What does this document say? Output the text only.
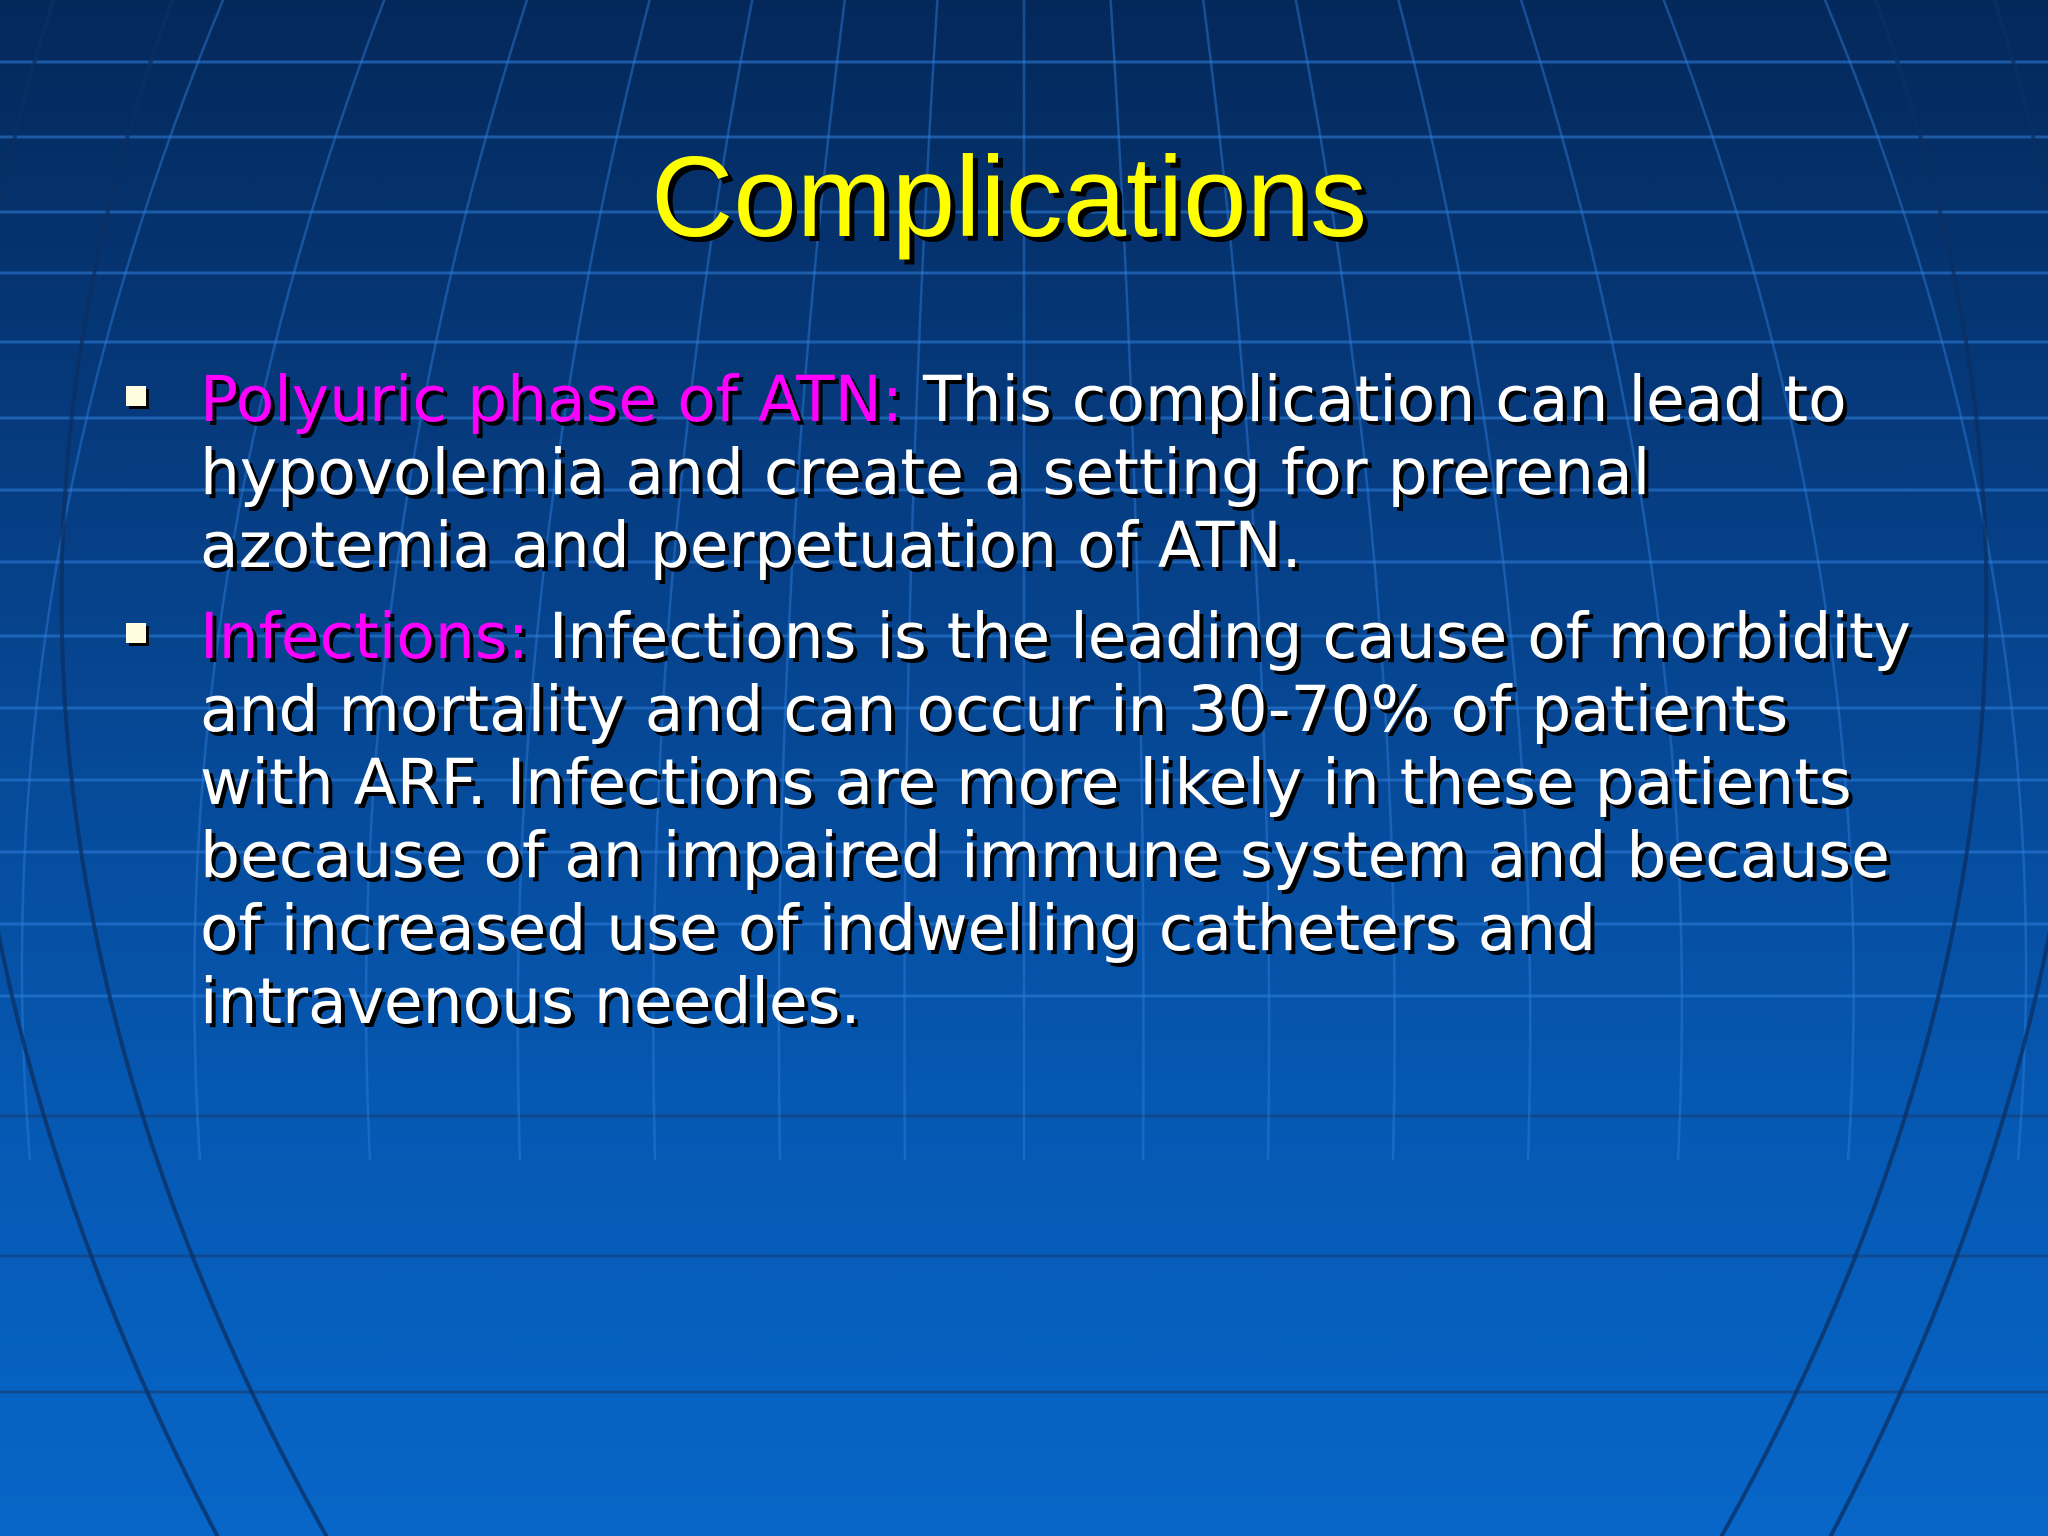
Complications
Polyuric phase of ATN: This complication can lead to hypovolemia and create a setting for prerenal azotemia and perpetuation of ATN.
Infections: Infections is the leading cause of morbidity and mortality and can occur in 30-70% of patients with ARF. Infections are more likely in these patients because of an impaired immune system and because of increased use of indwelling catheters and intravenous needles.
